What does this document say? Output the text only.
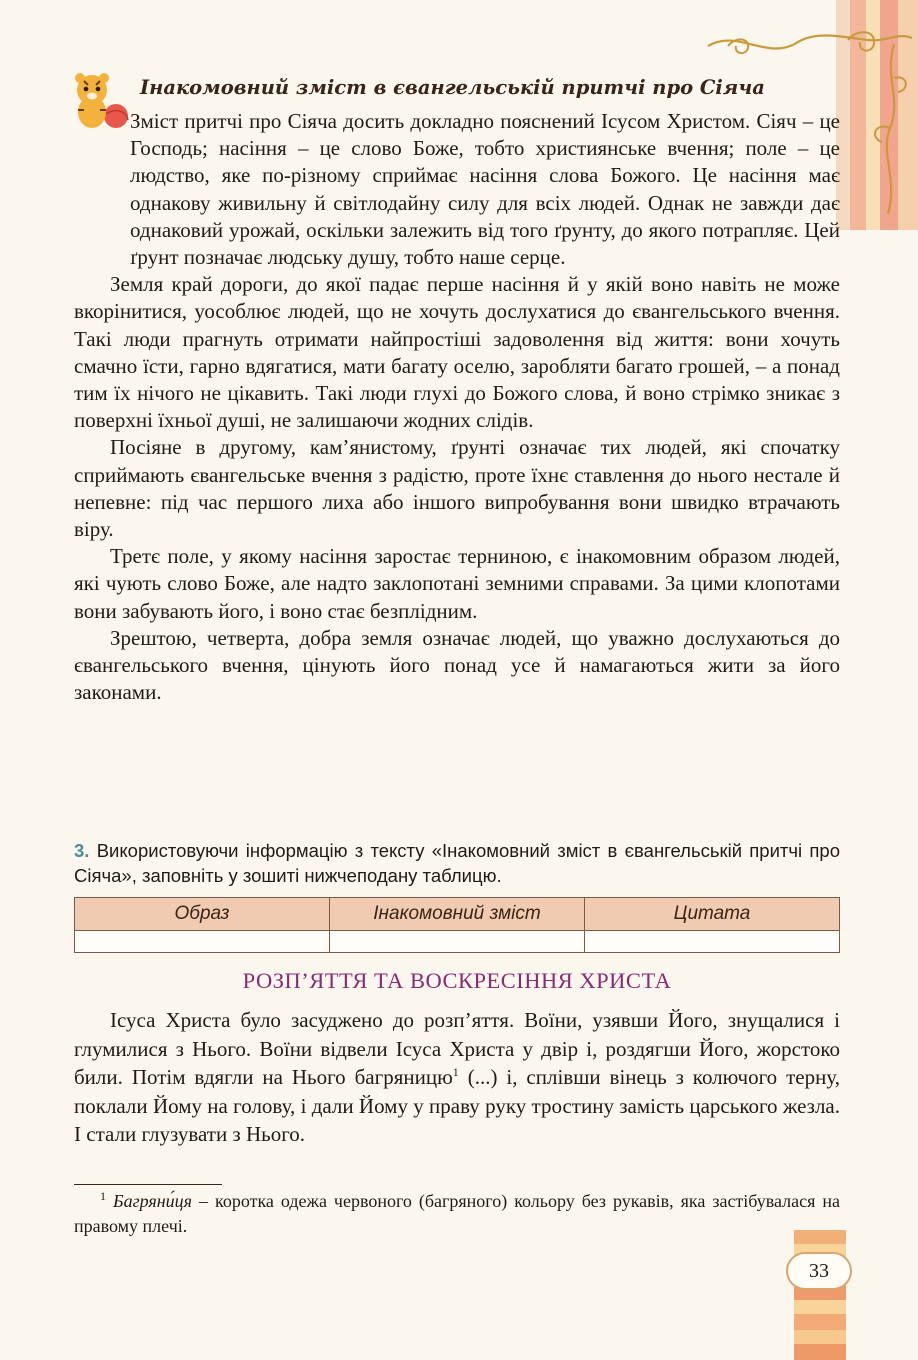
Інакомовний зміст в євангельській притчі про Сіяча

Зміст притчі про Сіяча досить докладно пояснений Ісусом Христом. Сіяч – це Господь; насіння – це слово Боже, тобто християнське вчення; поле – це людство, яке по-різному сприймає насіння слова Божого. Це насіння має однакову живильну й світлодайну силу для всіх людей. Однак не завжди дає однаковий урожай, оскільки залежить від того ґрунту, до якого потрапляє. Цей ґрунт позначає людську душу, тобто наше серце.

Земля край дороги, до якої падає перше насіння й у якій воно навіть не може вкорінитися, уособлює людей, що не хочуть дослухатися до євангельського вчення. Такі люди прагнуть отримати найпростіші задоволення від життя: вони хочуть смачно їсти, гарно вдягатися, мати багату оселю, заробляти багато грошей, – а понад тим їх нічого не цікавить. Такі люди глухі до Божого слова, й воно стрімко зникає з поверхні їхньої душі, не залишаючи жодних слідів.

Посіяне в другому, кам’янистому, ґрунті означає тих людей, які спочатку сприймають євангельське вчення з радістю, проте їхнє ставлення до нього нестале й непевне: під час першого лиха або іншого випробування вони швидко втрачають віру.

Третє поле, у якому насіння заростає терниною, є інакомовним образом людей, які чують слово Боже, але надто заклопотані земними справами. За цими клопотами вони забувають його, і воно стає безплідним.

Зрештою, четверта, добра земля означає людей, що уважно дослухаються до євангельського вчення, цінують його понад усе й намагаються жити за його законами.

3. Використовуючи інформацію з тексту «Інакомовний зміст в євангельській притчі про Сіяча», заповніть у зошиті нижчеподану таблицю.
Образ	Інакомовний зміст	Цитата

РОЗП’ЯТТЯ ТА ВОСКРЕСІННЯ ХРИСТА

Ісуса Христа було засуджено до розп’яття. Воїни, узявши Його, знущалися і глумилися з Нього. Воїни відвели Ісуса Христа у двір і, роздягши Його, жорстоко били. Потім вдягли на Нього багряницю$^1$ (...) і, сплівши вінець з колючого терну, поклали Йому на голову, і дали Йому у праву руку тростину замість царського жезла. І стали глузувати з Нього.

$^1$ Багряни́ця – коротка одежа червоного (багряного) кольору без рукавів, яка застібувалася на правому плечі.

33
